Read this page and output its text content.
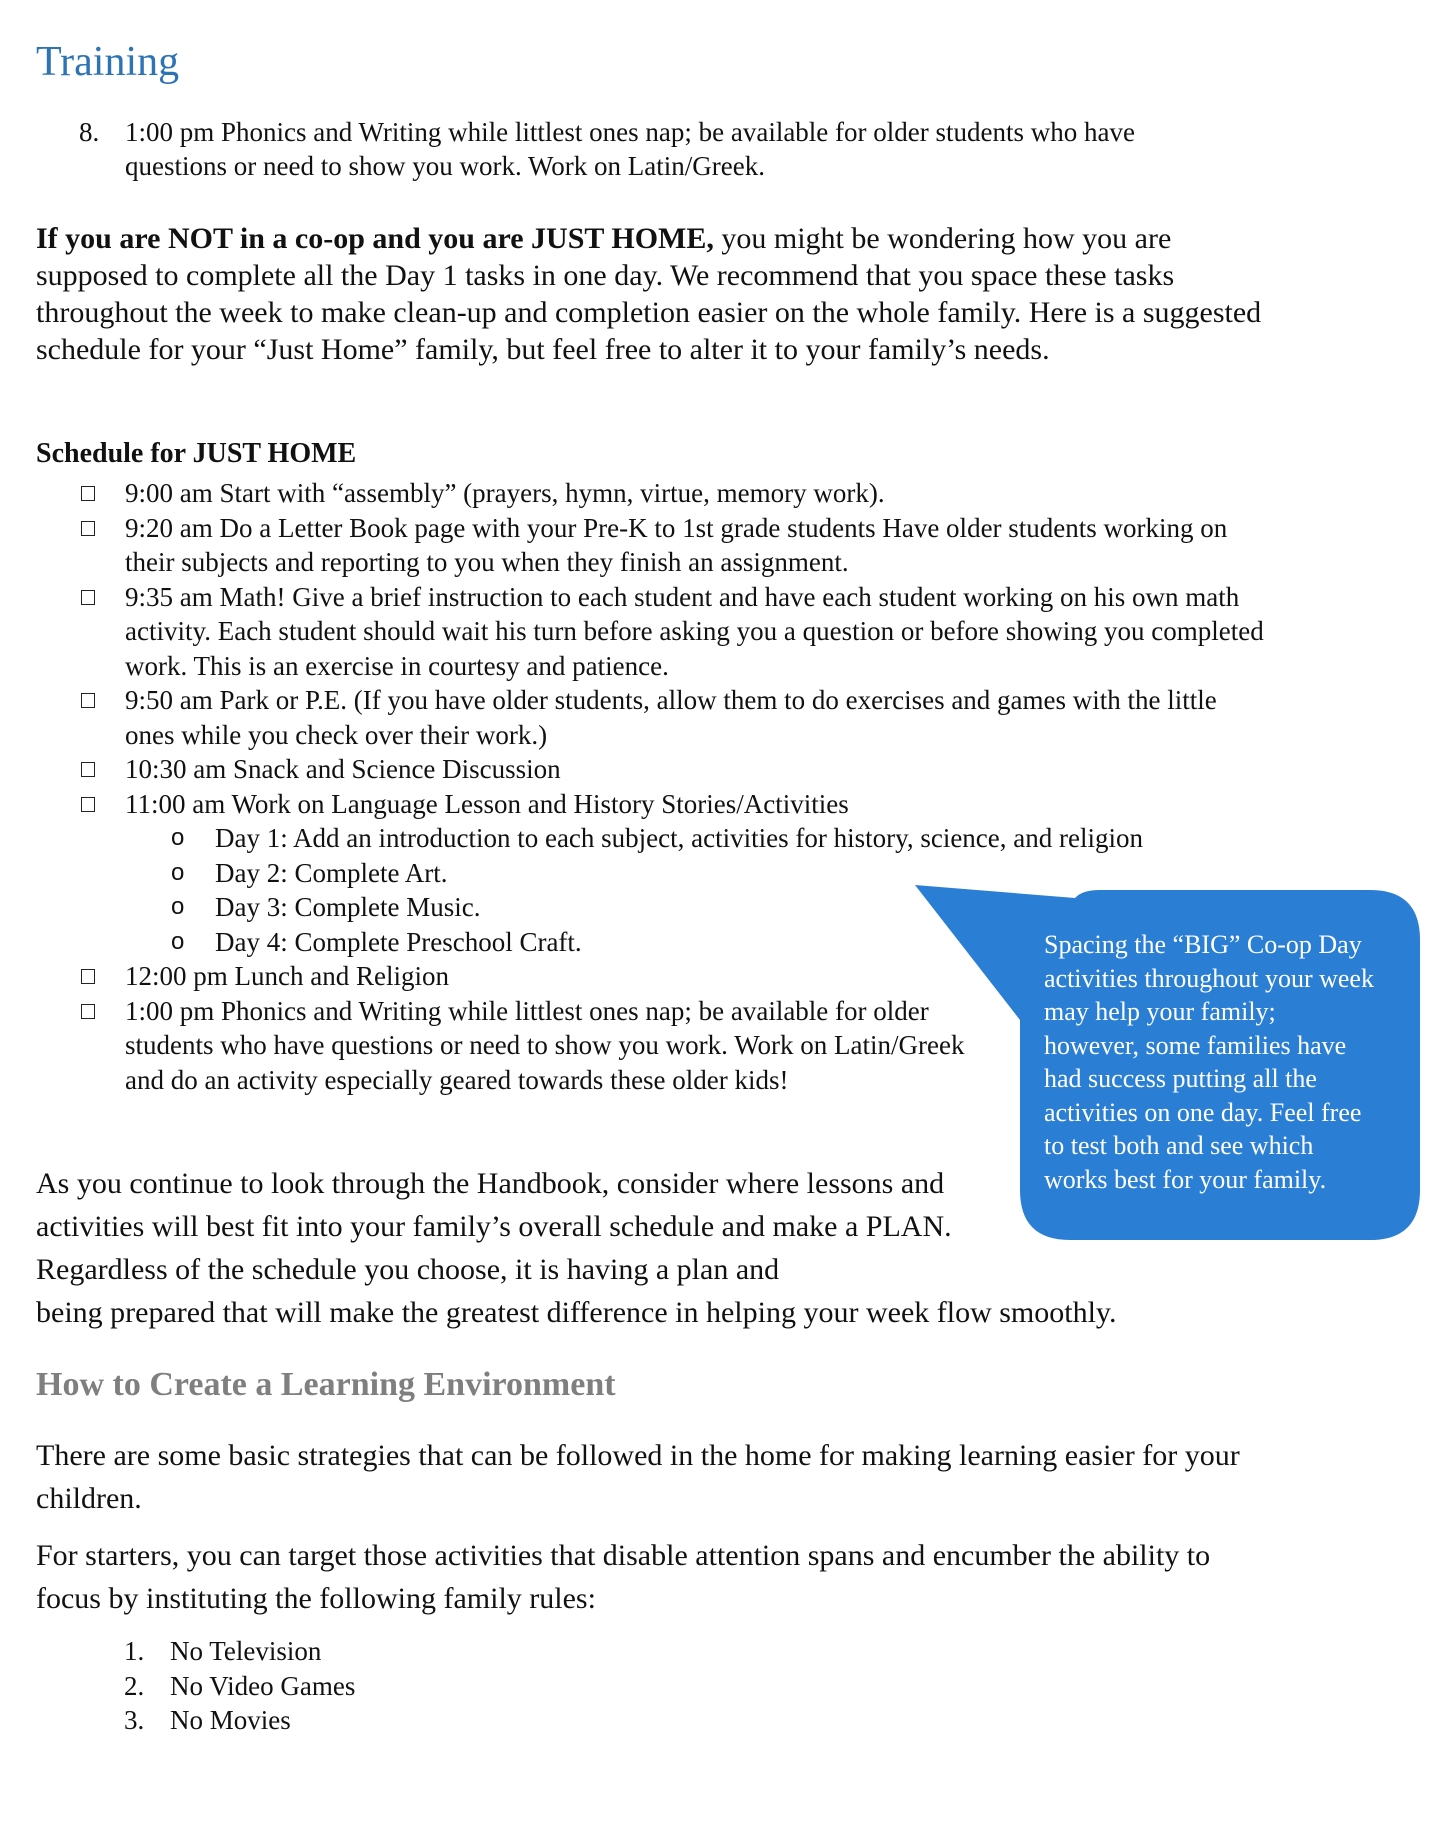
Training
8. 1:00 pm Phonics and Writing while littlest ones nap; be available for older students who have questions or need to show you work. Work on Latin/Greek.

If you are NOT in a co-op and you are JUST HOME, you might be wondering how you are supposed to complete all the Day 1 tasks in one day. We recommend that you space these tasks throughout the week to make clean-up and completion easier on the whole family. Here is a suggested schedule for your “Just Home” family, but feel free to alter it to your family’s needs.

Schedule for JUST HOME
9:00 am Start with “assembly” (prayers, hymn, virtue, memory work).
9:20 am Do a Letter Book page with your Pre-K to 1st grade students Have older students working on their subjects and reporting to you when they finish an assignment.
9:35 am Math! Give a brief instruction to each student and have each student working on his own math activity. Each student should wait his turn before asking you a question or before showing you completed work. This is an exercise in courtesy and patience.
9:50 am Park or P.E. (If you have older students, allow them to do exercises and games with the little ones while you check over their work.)
10:30 am Snack and Science Discussion
11:00 am Work on Language Lesson and History Stories/Activities
o Day 1: Add an introduction to each subject, activities for history, science, and religion
o Day 2: Complete Art.
o Day 3: Complete Music.
o Day 4: Complete Preschool Craft.
12:00 pm Lunch and Religion
1:00 pm Phonics and Writing while littlest ones nap; be available for older students who have questions or need to show you work. Work on Latin/Greek and do an activity especially geared towards these older kids!

Spacing the “BIG” Co-op Day activities throughout your week may help your family; however, some families have had success putting all the activities on one day. Feel free to test both and see which works best for your family.

As you continue to look through the Handbook, consider where lessons and activities will best fit into your family’s overall schedule and make a PLAN. Regardless of the schedule you choose, it is having a plan and
being prepared that will make the greatest difference in helping your week flow smoothly.

How to Create a Learning Environment

There are some basic strategies that can be followed in the home for making learning easier for your children.

For starters, you can target those activities that disable attention spans and encumber the ability to focus by instituting the following family rules:

1. No Television
2. No Video Games
3. No Movies
